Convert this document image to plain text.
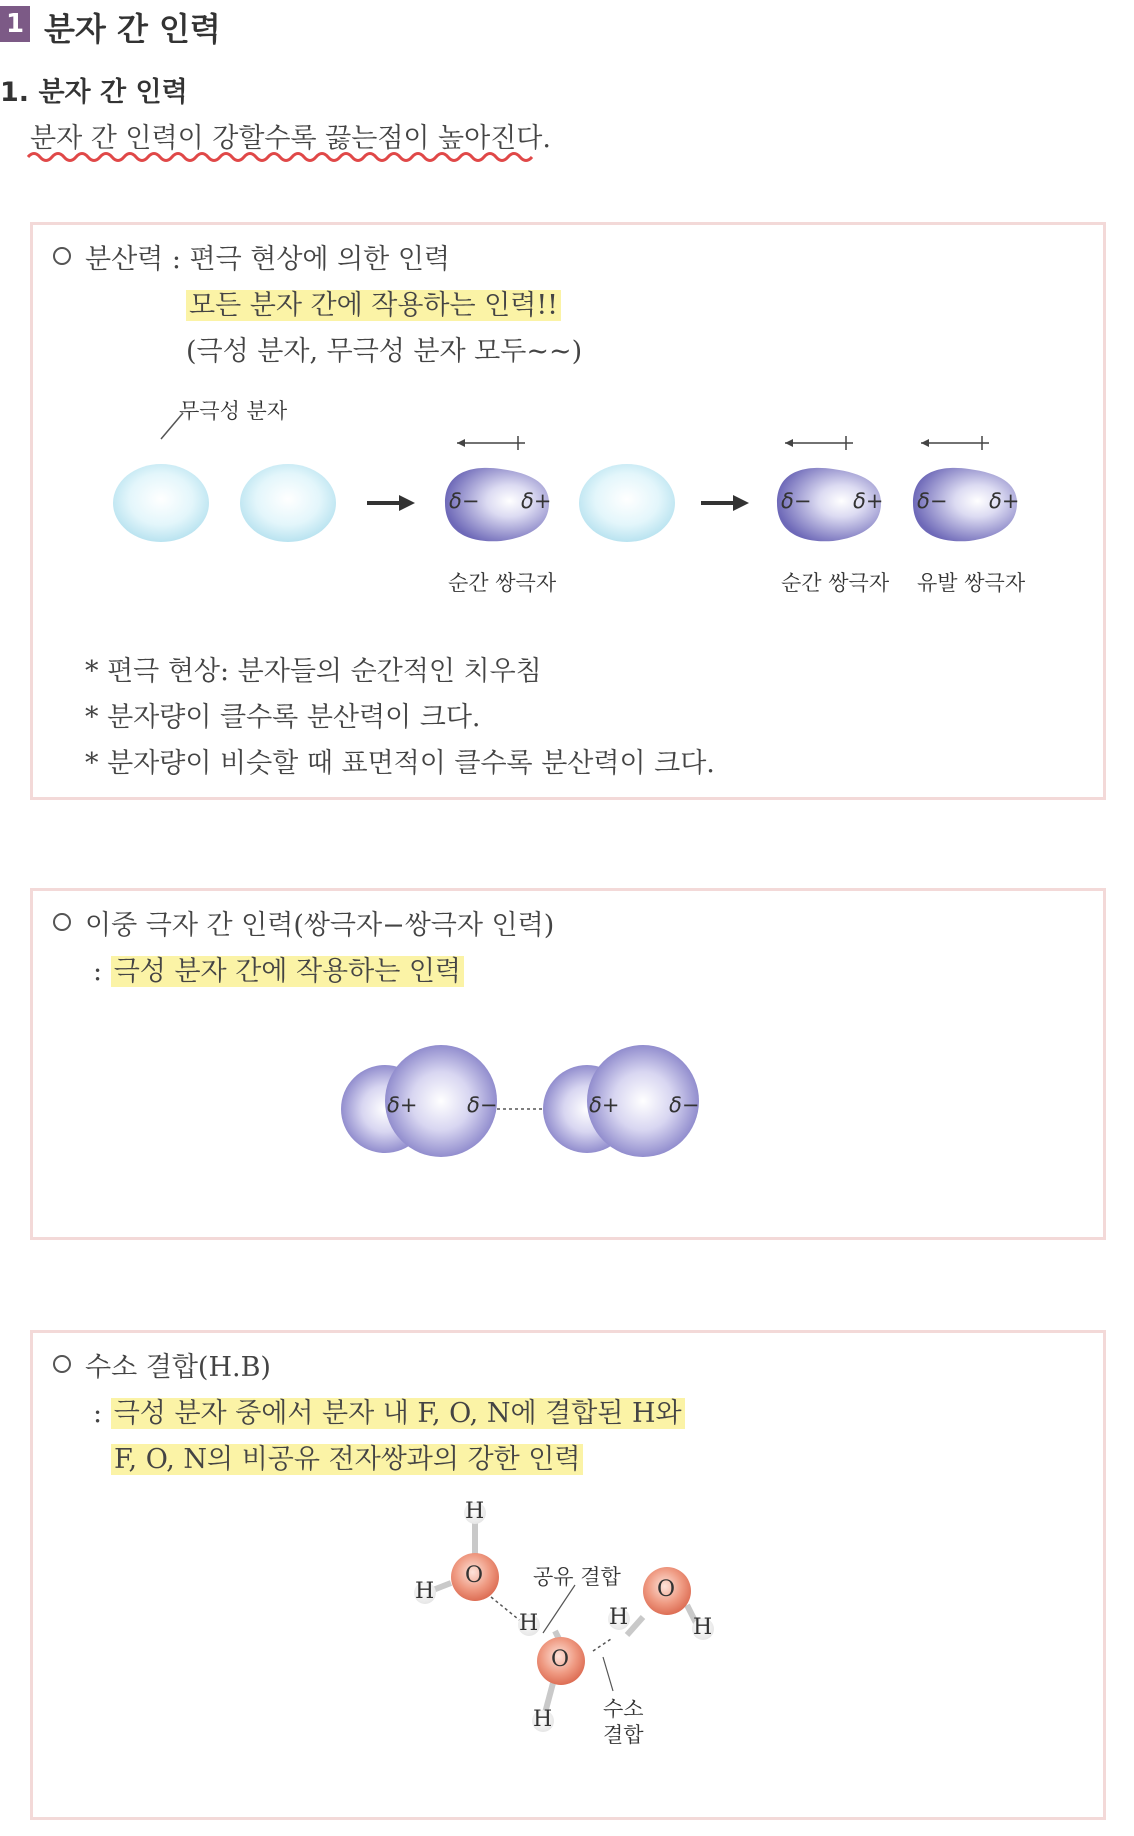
1 분자 간 인력
1. 분자 간 인력
분자 간 인력이 강할수록 끓는점이 높아진다.
분산력 : 편극 현상에 의한 인력
모든 분자 간에 작용하는 인력!!
(극성 분자, 무극성 분자 모두~~)
무극성 분자
δ− δ+	δ− δ+ δ− δ+
순간 쌍극자	순간 쌍극자 유발 쌍극자
* 편극 현상: 분자들의 순간적인 치우침
* 분자량이 클수록 분산력이 크다.
* 분자량이 비슷할 때 표면적이 클수록 분산력이 크다.
이중 극자 간 인력(쌍극자−쌍극자 인력)
: 극성 분자 간에 작용하는 인력
δ+ δ−	δ+ δ−
수소 결합(H.B)
: 극성 분자 중에서 분자 내 F, O, N에 결합된 H와
F, O, N의 비공유 전자쌍과의 강한 인력
H
H
O
H
H
O
H	H
O
공유 결합
수소
결합
